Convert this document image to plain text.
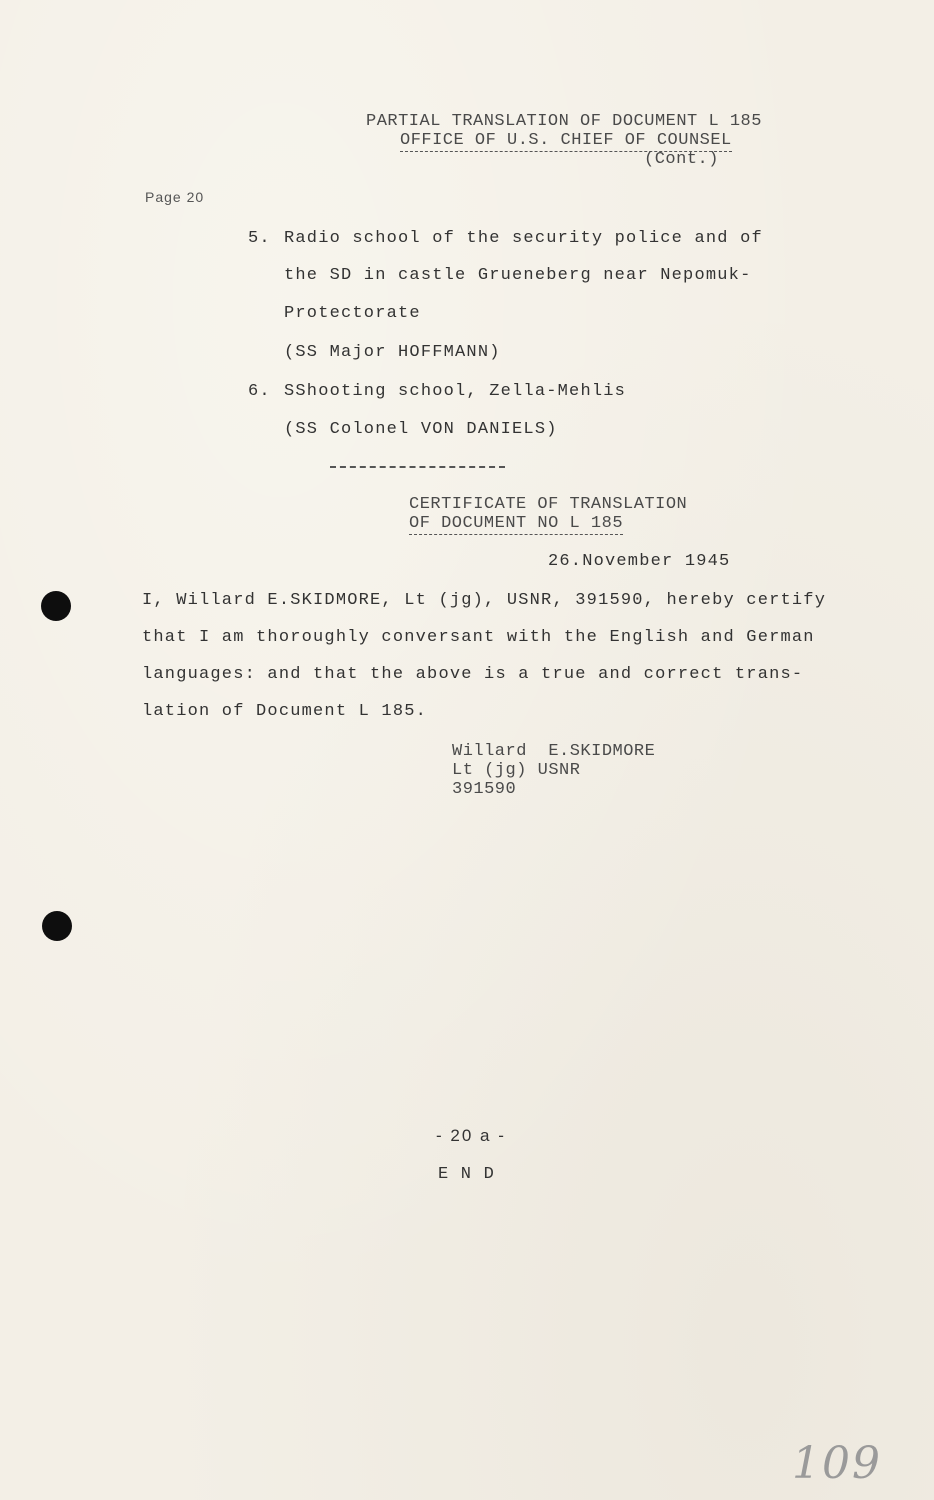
PARTIAL TRANSLATION OF DOCUMENT L 185
OFFICE OF U.S. CHIEF OF COUNSEL
(Cont.)
Page 20
5. Radio school of the security police and of
the SD in castle Grueneberg near Nepomuk-
Protectorate
(SS Major HOFFMANN)
6. SShooting school, Zella-Mehlis
(SS Colonel VON DANIELS)
CERTIFICATE OF TRANSLATION
OF DOCUMENT NO L 185
26.November 1945
I, Willard E.SKIDMORE, Lt (jg), USNR, 391590, hereby certify
that I am thoroughly conversant with the English and German
languages: and that the above is a true and correct trans-
lation of Document L 185.
Willard  E.SKIDMORE
Lt (jg) USNR
391590
- 20 a -
E N D
109
